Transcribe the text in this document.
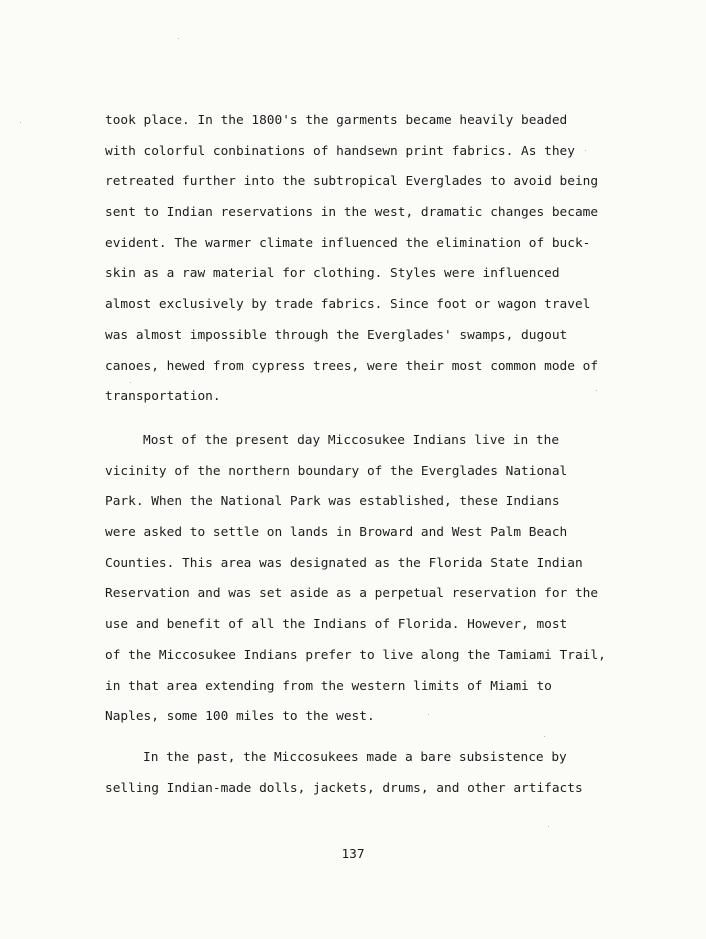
took place. In the 1800's the garments became heavily beaded
with colorful conbinations of handsewn print fabrics. As they
retreated further into the subtropical Everglades to avoid being
sent to Indian reservations in the west, dramatic changes became
evident. The warmer climate influenced the elimination of buck-
skin as a raw material for clothing. Styles were influenced
almost exclusively by trade fabrics. Since foot or wagon travel
was almost impossible through the Everglades' swamps, dugout
canoes, hewed from cypress trees, were their most common mode of
transportation.
Most of the present day Miccosukee Indians live in the
vicinity of the northern boundary of the Everglades National
Park. When the National Park was established, these Indians
were asked to settle on lands in Broward and West Palm Beach
Counties. This area was designated as the Florida State Indian
Reservation and was set aside as a perpetual reservation for the
use and benefit of all the Indians of Florida. However, most
of the Miccosukee Indians prefer to live along the Tamiami Trail,
in that area extending from the western limits of Miami to
Naples, some 100 miles to the west.
In the past, the Miccosukees made a bare subsistence by
selling Indian-made dolls, jackets, drums, and other artifacts
137
